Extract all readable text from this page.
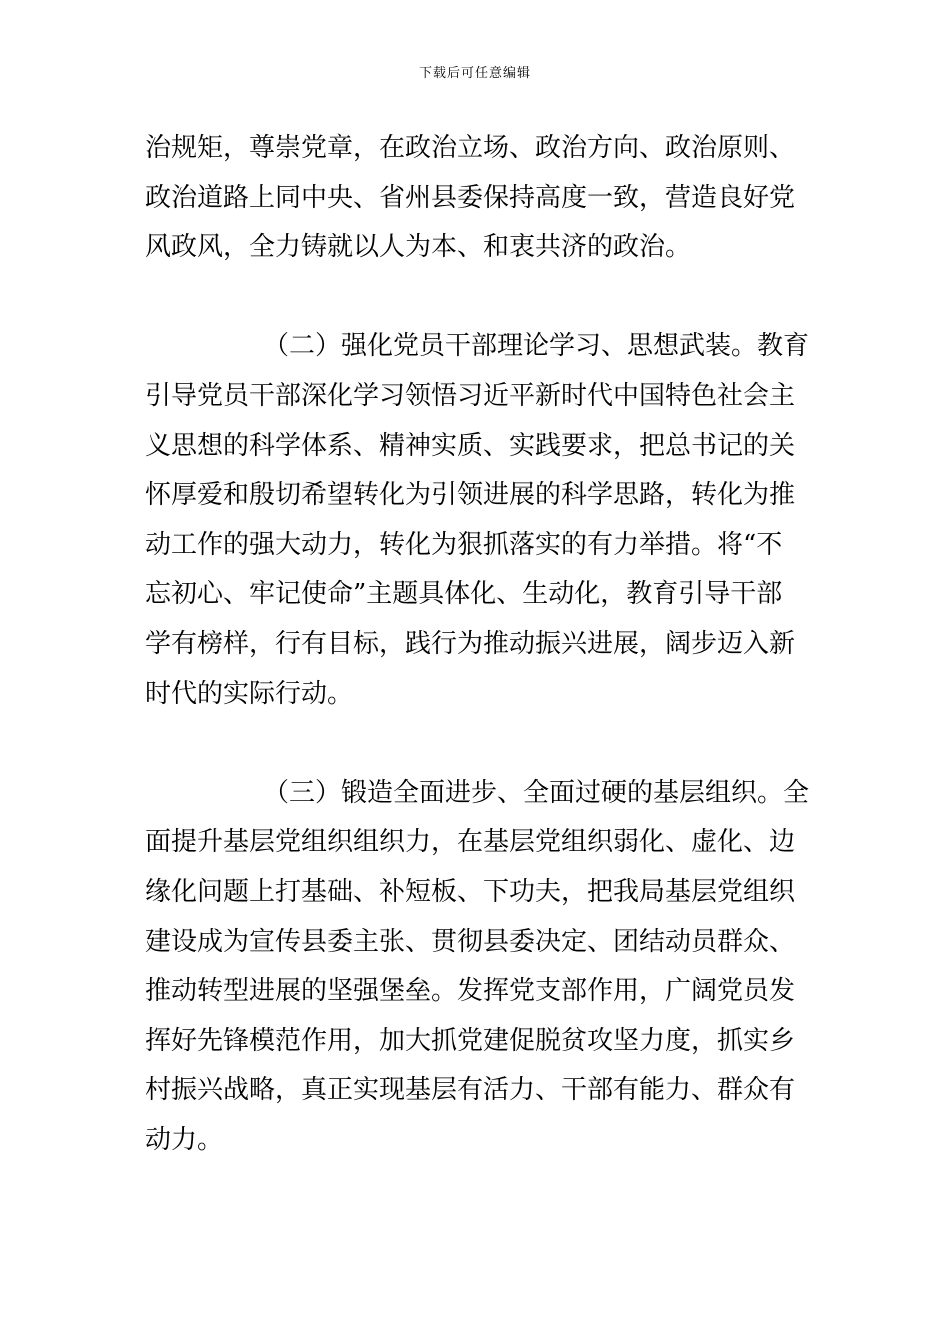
下载后可任意编辑
治规矩，尊崇党章，在政治立场、政治方向、政治原则、
政治道路上同中央、省州县委保持高度一致，营造良好党
风政风，全力铸就以人为本、和衷共济的政治。
（二）强化党员干部理论学习、思想武装。教育
引导党员干部深化学习领悟习近平新时代中国特色社会主
义思想的科学体系、精神实质、实践要求，把总书记的关
怀厚爱和殷切希望转化为引领进展的科学思路，转化为推
动工作的强大动力，转化为狠抓落实的有力举措。将“不
忘初心、牢记使命”主题具体化、生动化，教育引导干部
学有榜样，行有目标，践行为推动振兴进展，阔步迈入新
时代的实际行动。
（三）锻造全面进步、全面过硬的基层组织。全
面提升基层党组织组织力，在基层党组织弱化、虚化、边
缘化问题上打基础、补短板、下功夫，把我局基层党组织
建设成为宣传县委主张、贯彻县委决定、团结动员群众、
推动转型进展的坚强堡垒。发挥党支部作用，广阔党员发
挥好先锋模范作用，加大抓党建促脱贫攻坚力度，抓实乡
村振兴战略，真正实现基层有活力、干部有能力、群众有
动力。
